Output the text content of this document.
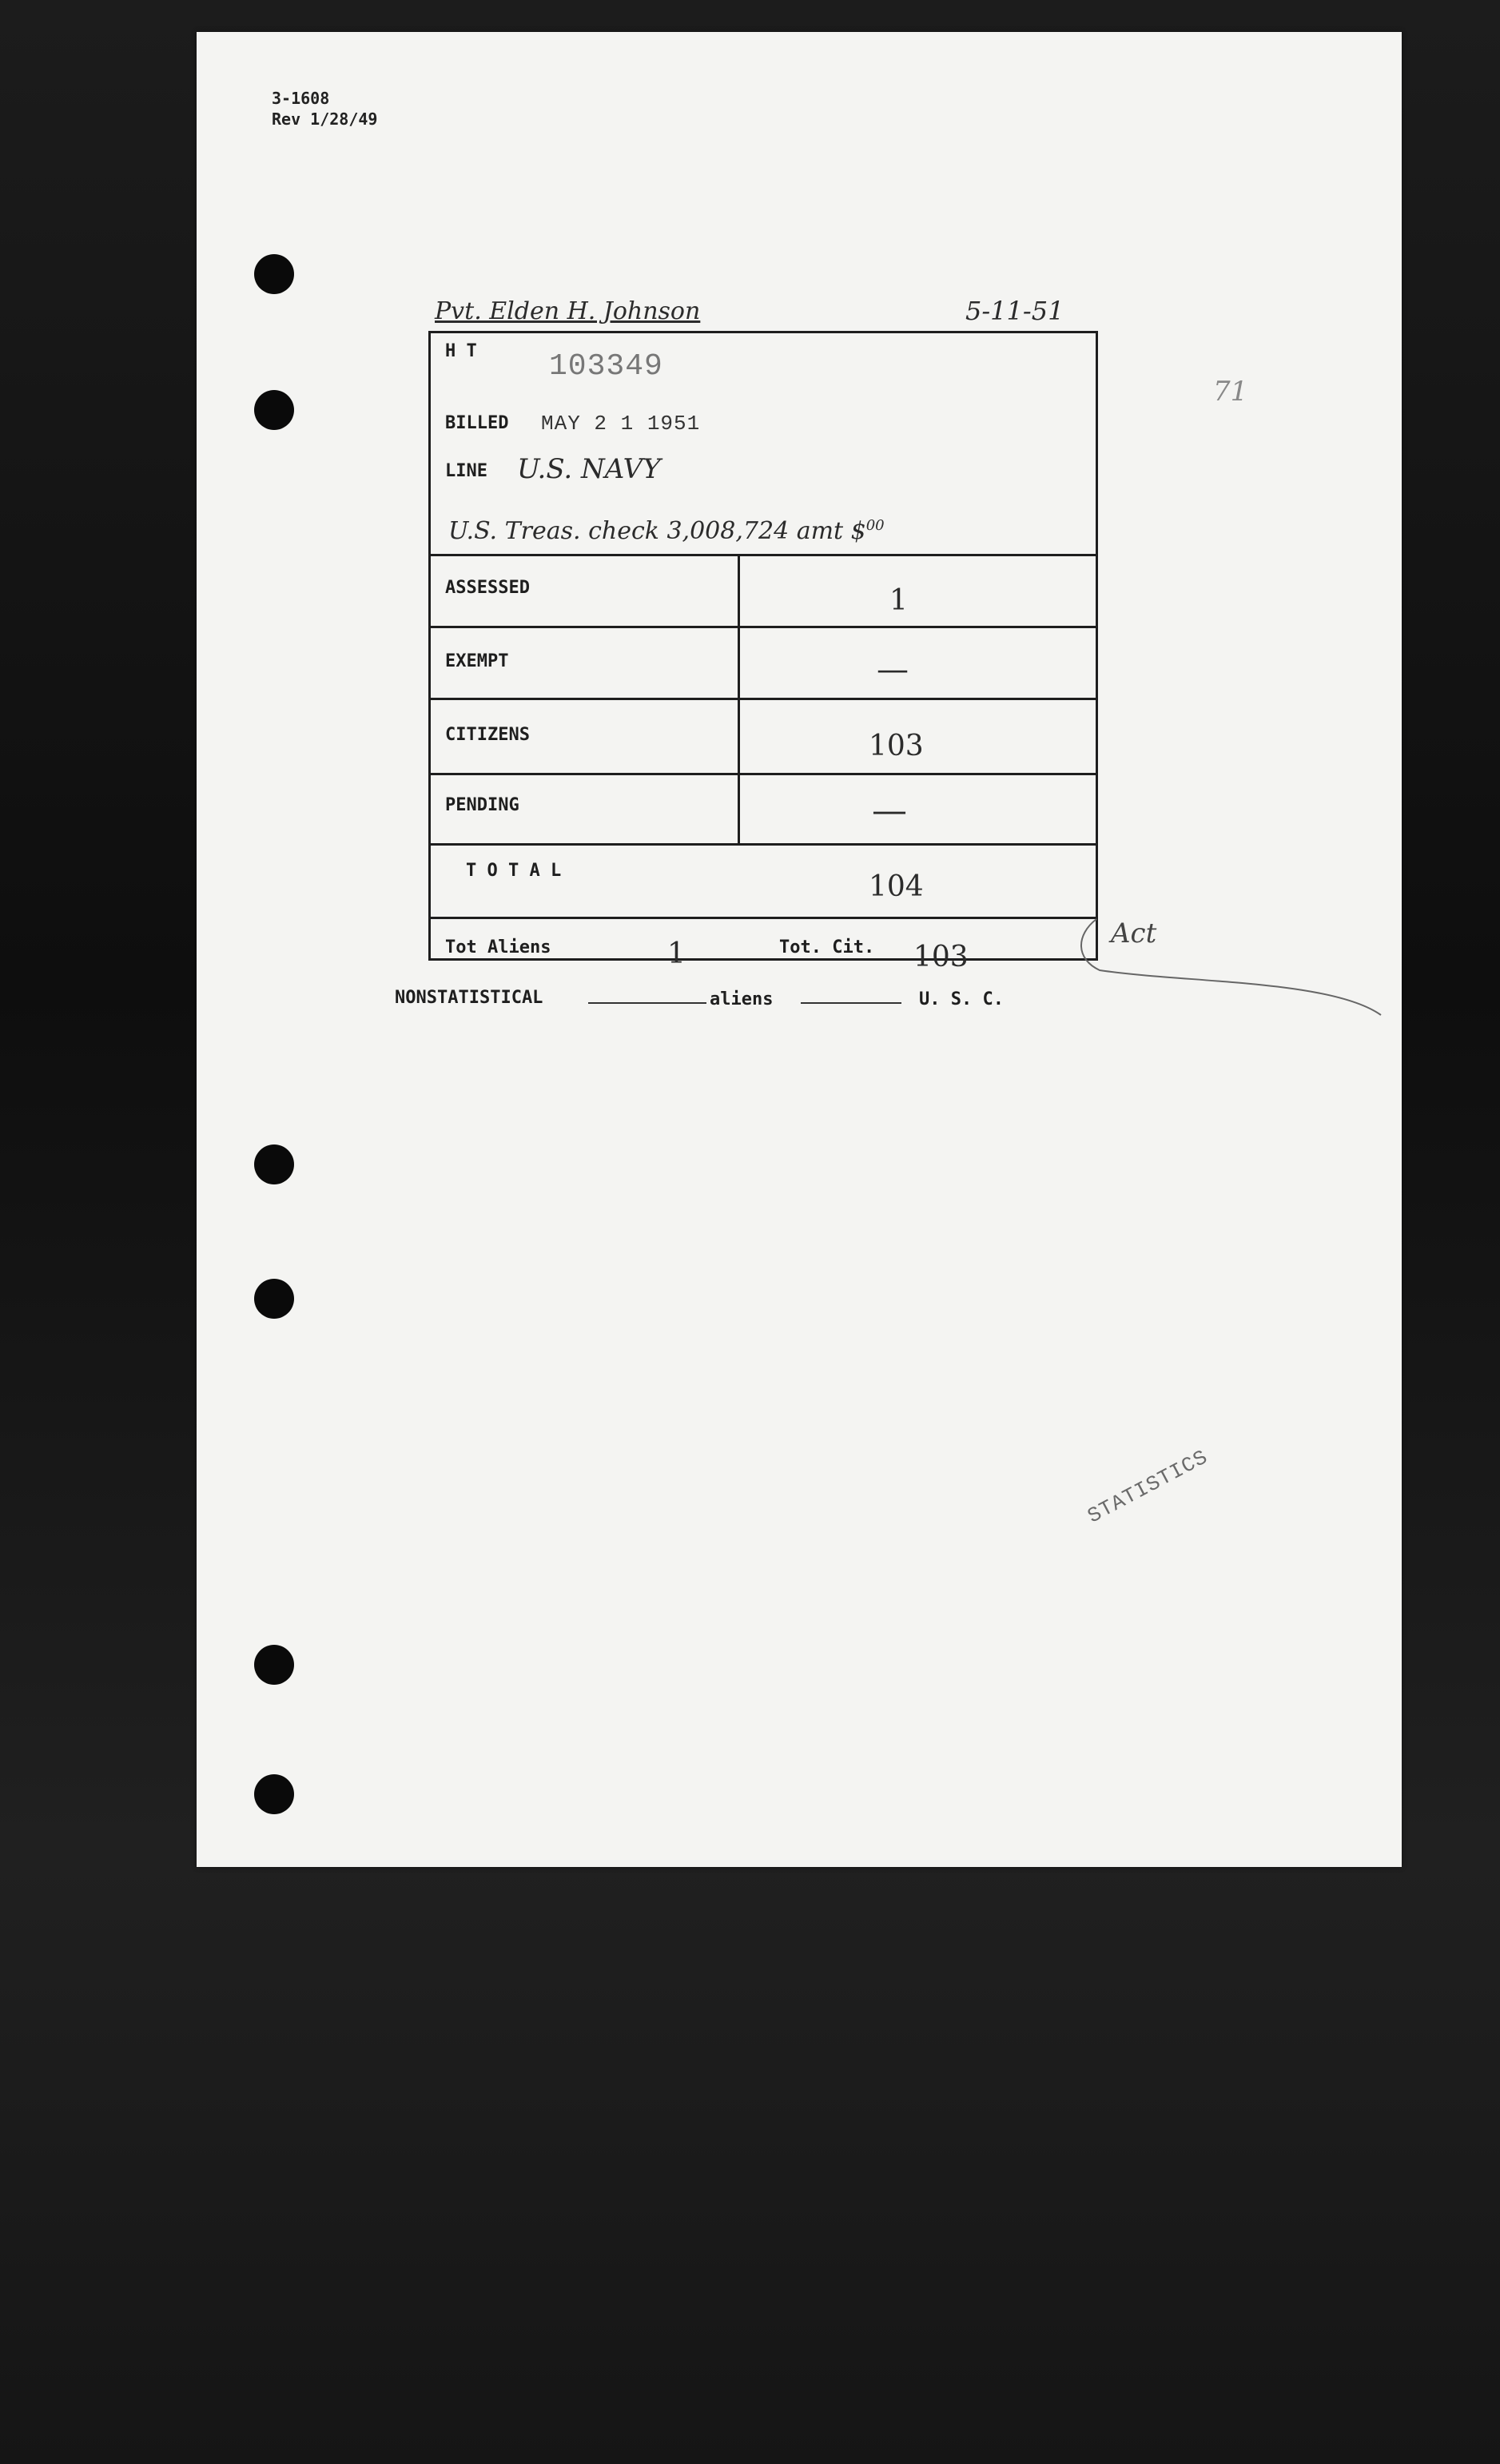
3-1608
Rev 1/28/49
Pvt. Elden H. Johnson	5-11-51
71
H T 103349
BILLED MAY 2 1 1951
LINE U.S. NAVY
U.S. Treas. check 3,008,724 amt \$$^{00}$
ASSESSED	1
EXEMPT	—
CITIZENS	103
PENDING	—
T O T A L	104
Tot Aliens	1	Tot. Cit. 103
Act
NONSTATISTICAL	aliens	U. S. C.
STATISTICS
